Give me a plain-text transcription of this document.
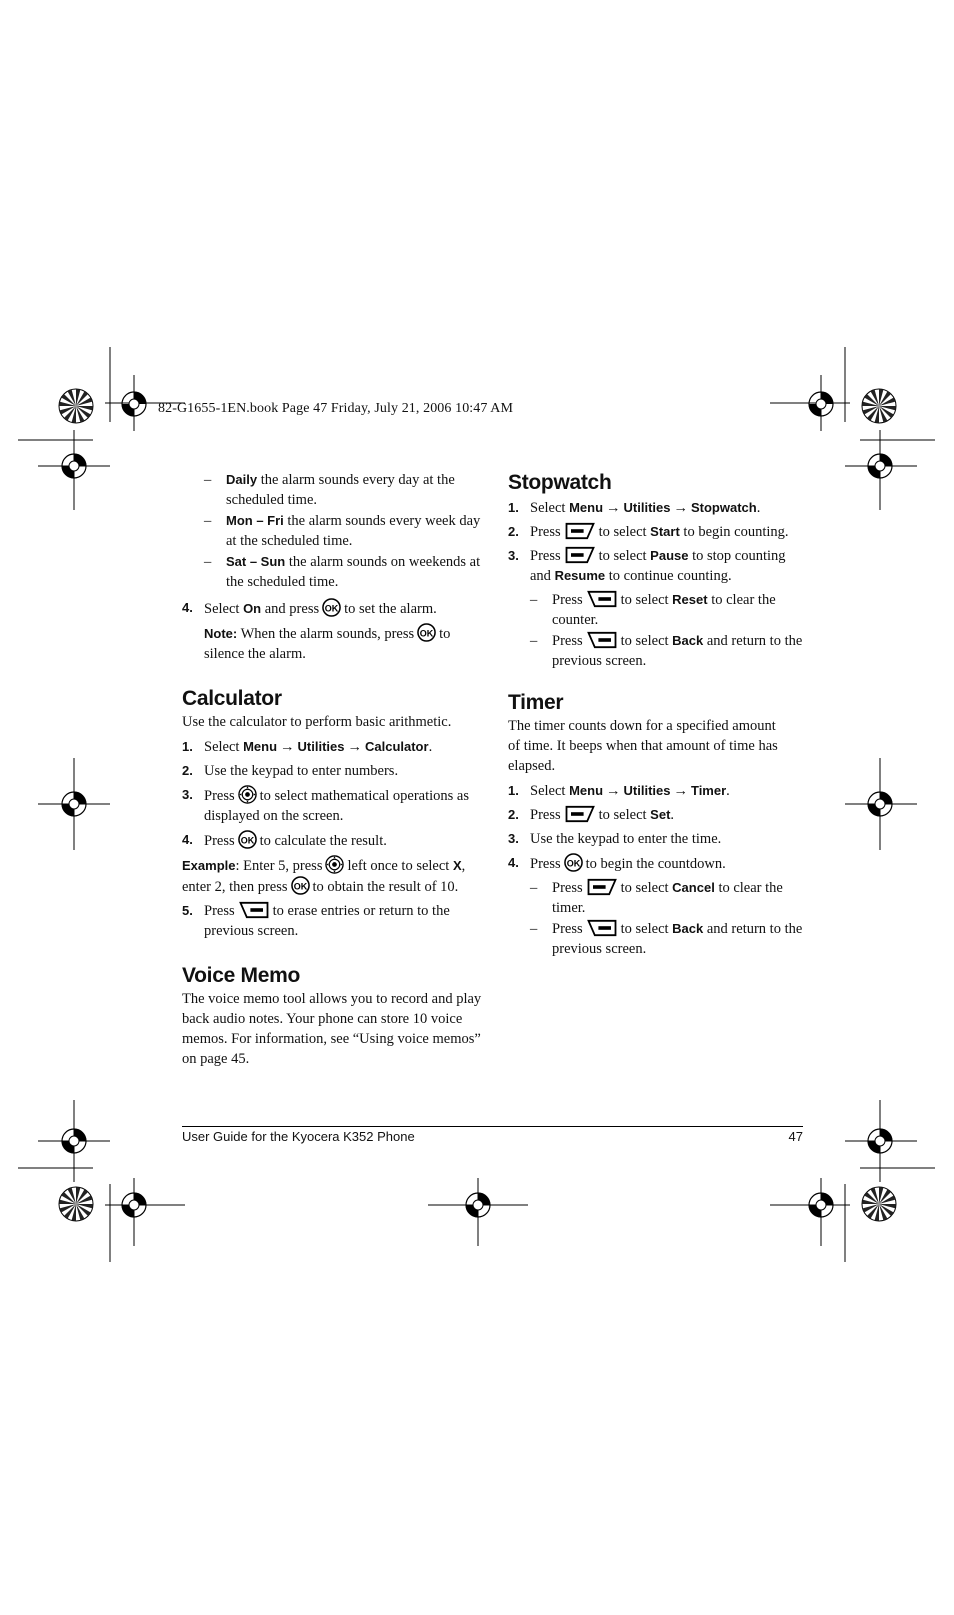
82-G1655-1EN.book Page 47 Friday, July 21, 2006 10:47 AM
– Daily the alarm sounds every day at the scheduled time.
– Mon – Fri the alarm sounds every week day at the scheduled time.
– Sat – Sun the alarm sounds on weekends at the scheduled time.
4. Select On and press to set the alarm.
Note: When the alarm sounds, press to silence the alarm.
Calculator

Use the calculator to perform basic arithmetic.

1. Select Menu → Utilities → Calculator.
2. Use the keypad to enter numbers.
3. Press to select mathematical operations as displayed on the screen.
4. Press to calculate the result.

Example: Enter 5, press left once to select X, enter 2, then press to obtain the result of 10.

5. Press	to erase entries or return to the previous screen.
Voice Memo

The voice memo tool allows you to record and play back audio notes. Your phone can store 10 voice memos. For information, see “Using voice memos” on page 45.

Stopwatch
1. Select Menu → Utilities → Stopwatch.
2. Press	to select Start to begin counting.
3. Press	to select Pause to stop counting and Resume to continue counting.
– Press	to select Reset to clear the counter.
– Press	to select Back and return to the previous screen.
Timer

The timer counts down for a specified amount of time. It beeps when that amount of time has elapsed.

1. Select Menu → Utilities → Timer.
2. Press	to select Set.
3. Use the keypad to enter the time.
4. Press to begin the countdown.
– Press	to select Cancel to clear the timer.
– Press	to select Back and return to the previous screen.
User Guide for the Kyocera K352 Phone	47
